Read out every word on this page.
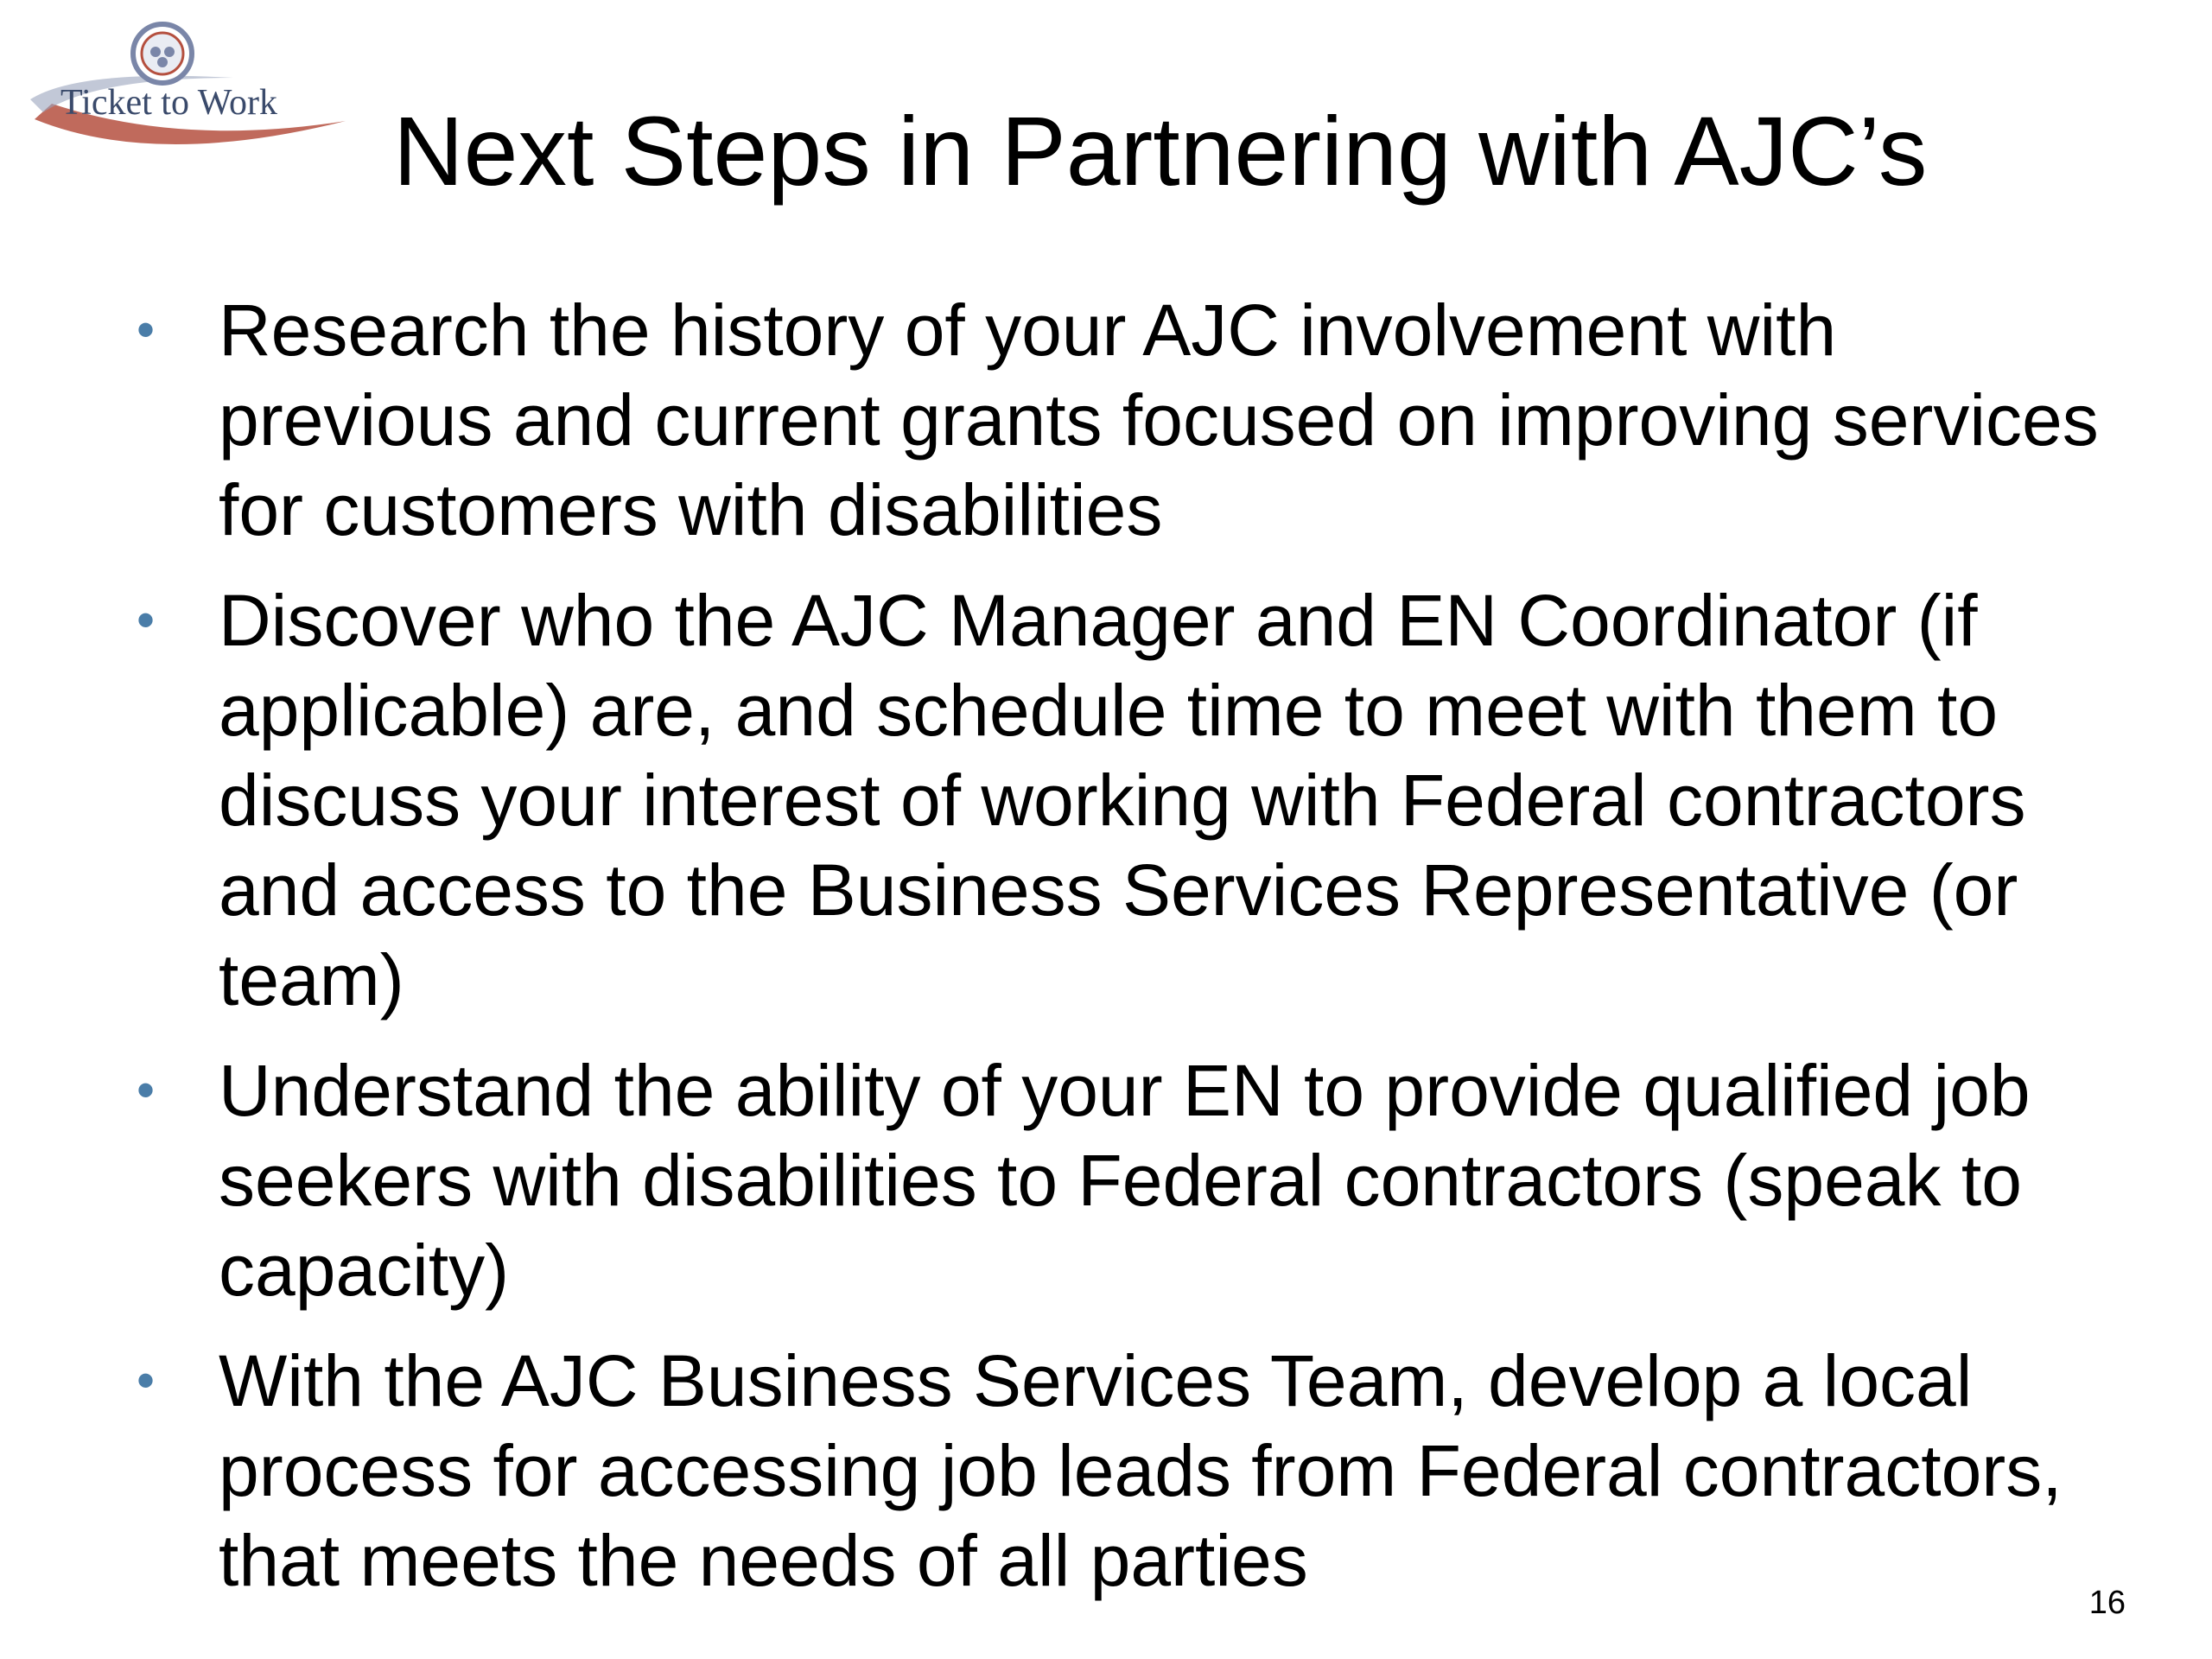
Ticket to Work Next Steps in Partnering with AJC’s
• Research the history of your AJC involvement with previous and current grants focused on improving services for customers with disabilities
• Discover who the AJC Manager and EN Coordinator (if applicable) are, and schedule time to meet with them to discuss your interest of working with Federal contractors and access to the Business Services Representative (or team)
• Understand the ability of your EN to provide qualified job seekers with disabilities to Federal contractors (speak to capacity)
• With the AJC Business Services Team, develop a local process for accessing job leads from Federal contractors, that meets the needs of all parties
16
